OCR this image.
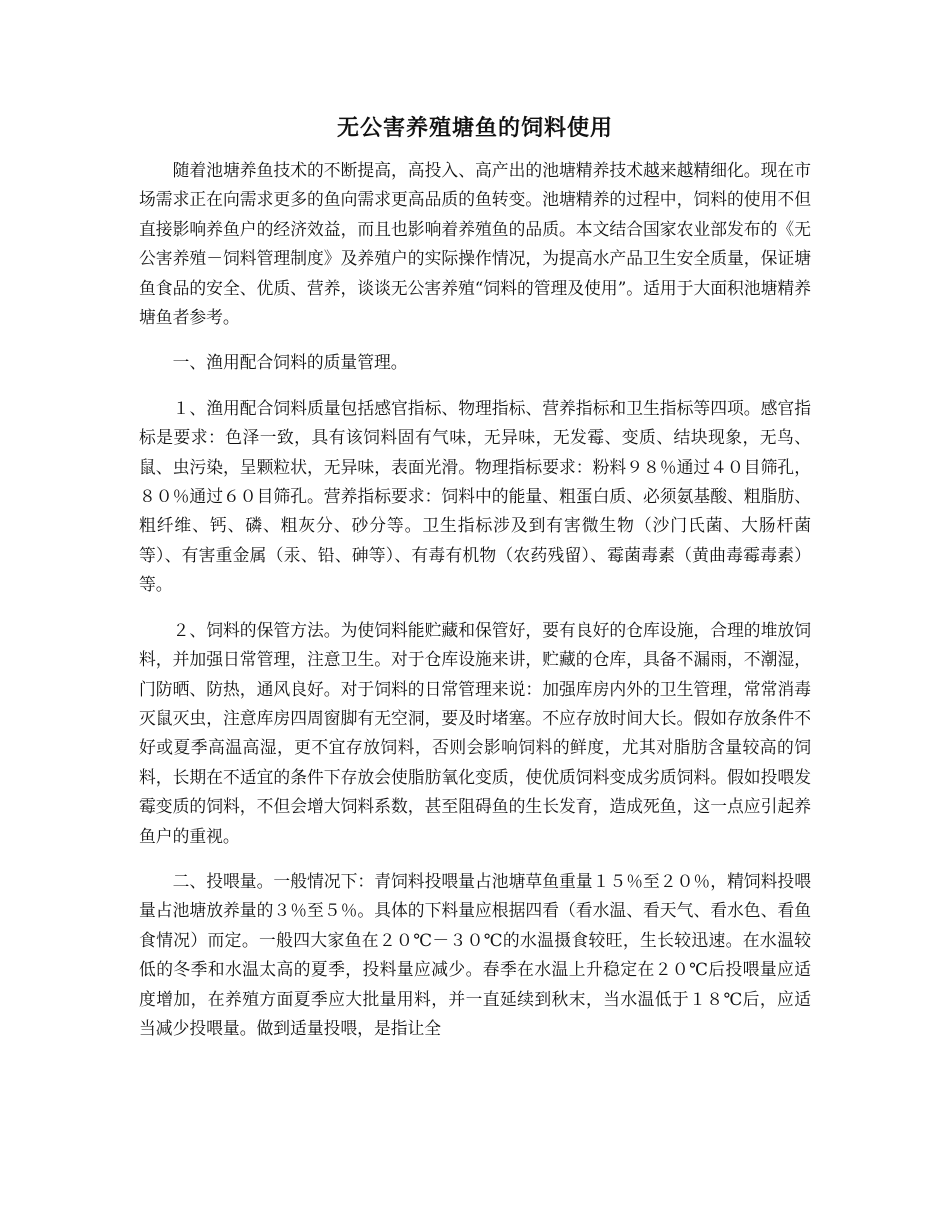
无公害养殖塘鱼的饲料使用

随着池塘养鱼技术的不断提高，高投入、高产出的池塘精养技术越来越精细化。现在市场需求正在向需求更多的鱼向需求更高品质的鱼转变。池塘精养的过程中，饲料的使用不但直接影响养鱼户的经济效益，而且也影响着养殖鱼的品质。本文结合国家农业部发布的《无公害养殖－饲料管理制度》及养殖户的实际操作情况，为提高水产品卫生安全质量，保证塘鱼食品的安全、优质、营养，谈谈无公害养殖“饲料的管理及使用”。适用于大面积池塘精养塘鱼者参考。

一、渔用配合饲料的质量管理。

１、渔用配合饲料质量包括感官指标、物理指标、营养指标和卫生指标等四项。感官指标是要求：色泽一致，具有该饲料固有气味，无异味，无发霉、变质、结块现象，无鸟、鼠、虫污染，呈颗粒状，无异味，表面光滑。物理指标要求：粉料９８％通过４０目筛孔，８０％通过６０目筛孔。营养指标要求：饲料中的能量、粗蛋白质、必须氨基酸、粗脂肪、粗纤维、钙、磷、粗灰分、砂分等。卫生指标涉及到有害微生物（沙门氏菌、大肠杆菌等）、有害重金属（汞、铅、砷等）、有毒有机物（农药残留）、霉菌毒素（黄曲毒霉毒素）等。

２、饲料的保管方法。为使饲料能贮藏和保管好，要有良好的仓库设施，合理的堆放饲料，并加强日常管理，注意卫生。对于仓库设施来讲，贮藏的仓库，具备不漏雨，不潮湿，门防晒、防热，通风良好。对于饲料的日常管理来说：加强库房内外的卫生管理，常常消毒灭鼠灭虫，注意库房四周窗脚有无空洞，要及时堵塞。不应存放时间大长。假如存放条件不好或夏季高温高湿，更不宜存放饲料，否则会影响饲料的鲜度，尤其对脂肪含量较高的饲料，长期在不适宜的条件下存放会使脂肪氧化变质，使优质饲料变成劣质饲料。假如投喂发霉变质的饲料，不但会增大饲料系数，甚至阻碍鱼的生长发育，造成死鱼，这一点应引起养鱼户的重视。

二、投喂量。一般情况下：青饲料投喂量占池塘草鱼重量１５％至２０％，精饲料投喂量占池塘放养量的３％至５％。具体的下料量应根据四看（看水温、看天气、看水色、看鱼食情况）而定。一般四大家鱼在２０℃－３０℃的水温摄食较旺，生长较迅速。在水温较低的冬季和水温太高的夏季，投料量应减少。春季在水温上升稳定在２０℃后投喂量应适度增加，在养殖方面夏季应大批量用料，并一直延续到秋末，当水温低于１８℃后，应适当减少投喂量。做到适量投喂，是指让全
